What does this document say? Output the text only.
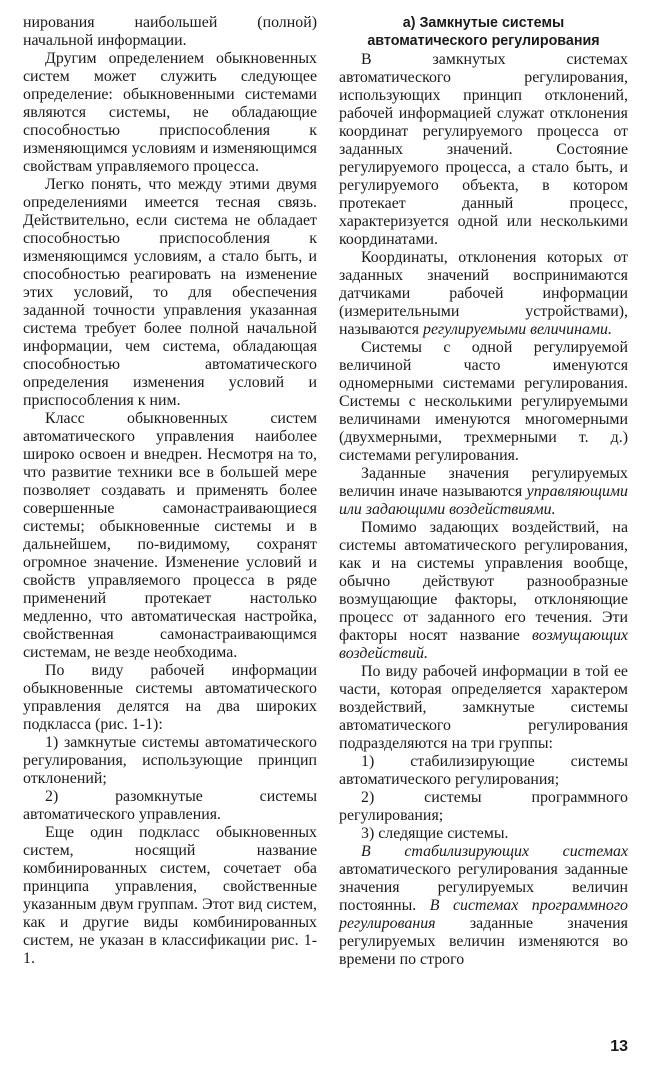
нирования наибольшей (полной) начальной информации.

Другим определением обыкновенных систем может служить следующее определение: обыкновенными системами являются системы, не обладающие способностью приспособления к изменяющимся условиям и изменяющимся свойствам управляемого процесса.

Легко понять, что между этими двумя определениями имеется тесная связь. Действительно, если система не обладает способностью приспособления к изменяющимся условиям, а стало быть, и способностью реагировать на изменение этих условий, то для обеспечения заданной точности управления указанная система требует более полной начальной информации, чем система, обладающая способностью автоматического определения изменения условий и приспособления к ним.

Класс обыкновенных систем автоматического управления наиболее широко освоен и внедрен. Несмотря на то, что развитие техники все в большей мере позволяет создавать и применять более совершенные самонастраивающиеся системы; обыкновенные системы и в дальнейшем, по-видимому, сохранят огромное значение. Изменение условий и свойств управляемого процесса в ряде применений протекает настолько медленно, что автоматическая настройка, свойственная самонастраивающимся системам, не везде необходима.

По виду рабочей информации обыкновенные системы автоматического управления делятся на два широких подкласса (рис. 1-1):

1) замкнутые системы автоматического регулирования, использующие принцип отклонений;

2) разомкнутые системы автоматического управления.

Еще один подкласс обыкновенных систем, носящий название комбинированных систем, сочетает оба принципа управления, свойственные указанным двум группам. Этот вид систем, как и другие виды комбинированных систем, не указан в классификации рис. 1-1.

а) Замкнутые системы
автоматического регулирования

В замкнутых системах автоматического регулирования, использующих принцип отклонений, рабочей информацией служат отклонения координат регулируемого процесса от заданных значений. Состояние регулируемого процесса, а стало быть, и регулируемого объекта, в котором протекает данный процесс, характеризуется одной или несколькими координатами.

Координаты, отклонения которых от заданных значений воспринимаются датчиками рабочей информации (измерительными устройствами), называются регулируемыми величинами.

Системы с одной регулируемой величиной часто именуются одномерными системами регулирования. Системы с несколькими регулируемыми величинами именуются многомерными (двухмерными, трехмерными т. д.) системами регулирования.

Заданные значения регулируемых величин иначе называются управляющими или задающими воздействиями.

Помимо задающих воздействий, на системы автоматического регулирования, как и на системы управления вообще, обычно действуют разнообразные возмущающие факторы, отклоняющие процесс от заданного его течения. Эти факторы носят название возмущающих воздействий.

По виду рабочей информации в той ее части, которая определяется характером воздействий, замкнутые системы автоматического регулирования подразделяются на три группы:

1) стабилизирующие системы автоматического регулирования;

2) системы программного регулирования;

3) следящие системы.

В стабилизирующих системах автоматического регулирования заданные значения регулируемых величин постоянны. В системах программного регулирования заданные значения регулируемых величин изменяются во времени по строго

13
